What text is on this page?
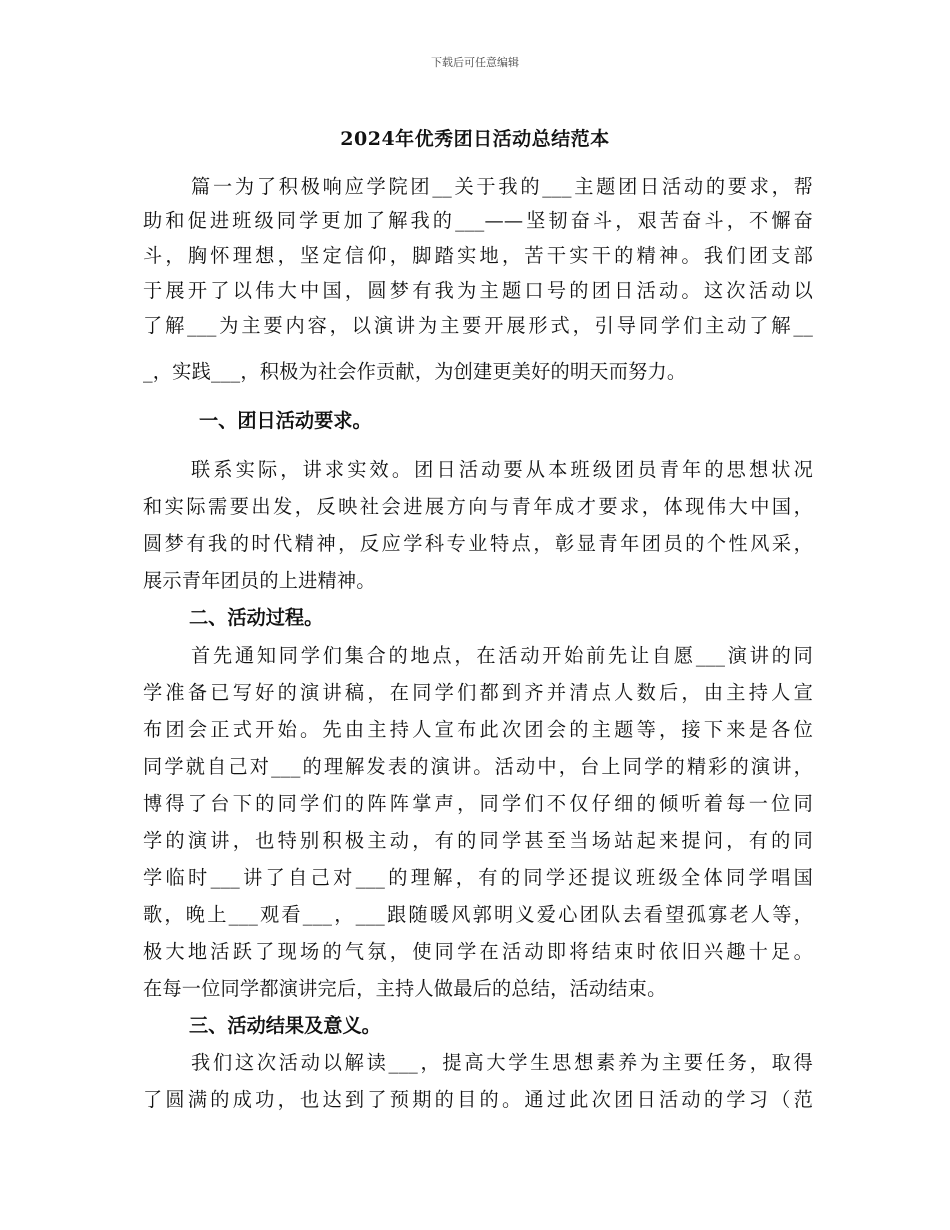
下载后可任意编辑
2024年优秀团日活动总结范本
篇一为了积极响应学院团__关于我的___主题团日活动的要求，帮
助和促进班级同学更加了解我的___——坚韧奋斗，艰苦奋斗，不懈奋
斗，胸怀理想，坚定信仰，脚踏实地，苦干实干的精神。我们团支部
于展开了以伟大中国，圆梦有我为主题口号的团日活动。这次活动以
了解___为主要内容，以演讲为主要开展形式，引导同学们主动了解__
_，实践___，积极为社会作贡献，为创建更美好的明天而努力。
一、团日活动要求。
联系实际，讲求实效。团日活动要从本班级团员青年的思想状况
和实际需要出发，反映社会进展方向与青年成才要求，体现伟大中国，
圆梦有我的时代精神，反应学科专业特点，彰显青年团员的个性风采，
展示青年团员的上进精神。
二、活动过程。
首先通知同学们集合的地点，在活动开始前先让自愿___演讲的同
学准备已写好的演讲稿，在同学们都到齐并清点人数后，由主持人宣
布团会正式开始。先由主持人宣布此次团会的主题等，接下来是各位
同学就自己对___的理解发表的演讲。活动中，台上同学的精彩的演讲，
博得了台下的同学们的阵阵掌声，同学们不仅仔细的倾听着每一位同
学的演讲，也特别积极主动，有的同学甚至当场站起来提问，有的同
学临时___讲了自己对___的理解，有的同学还提议班级全体同学唱国
歌，晚上___观看___，___跟随暖风郭明义爱心团队去看望孤寡老人等，
极大地活跃了现场的气氛，使同学在活动即将结束时依旧兴趣十足。
在每一位同学都演讲完后，主持人做最后的总结，活动结束。
三、活动结果及意义。
我们这次活动以解读___，提高大学生思想素养为主要任务，取得
了圆满的成功，也达到了预期的目的。通过此次团日活动的学习（范
